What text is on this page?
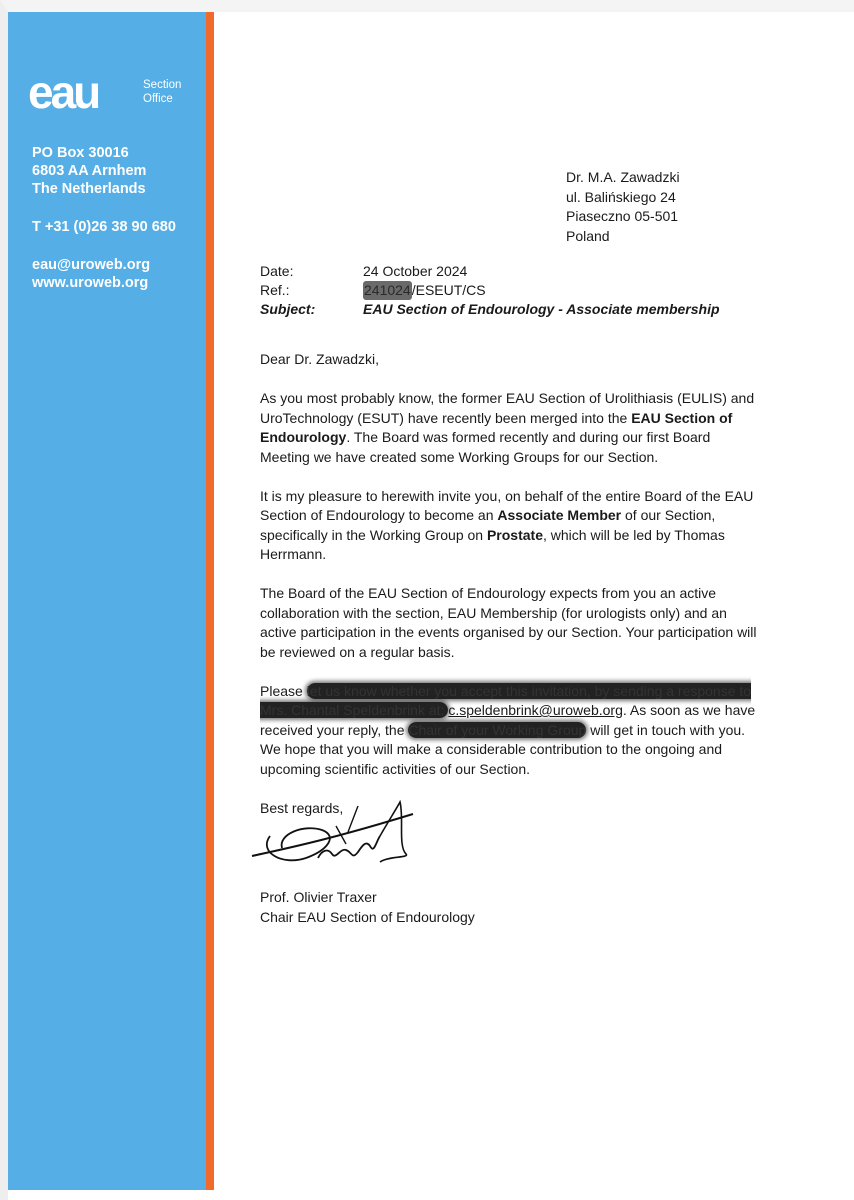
eau	Section
Office
PO Box 30016
6803 AA Arnhem
The Netherlands
T +31 (0)26 38 90 680
eau@uroweb.org
www.uroweb.org
Dr. M.A. Zawadzki
ul. Balińskiego 24
Piaseczno 05-501
Poland
Date:	24 October 2024
Ref.:	241024/ESEUT/CS
Subject:	EAU Section of Endourology - Associate membership

Dear Dr. Zawadzki,

As you most probably know, the former EAU Section of Urolithiasis (EULIS) and UroTechnology (ESUT) have recently been merged into the EAU Section of Endourology. The Board was formed recently and during our first Board Meeting we have created some Working Groups for our Section.

It is my pleasure to herewith invite you, on behalf of the entire Board of the EAU Section of Endourology to become an Associate Member of our Section, specifically in the Working Group on Prostate, which will be led by Thomas Herrmann.

The Board of the EAU Section of Endourology expects from you an active collaboration with the section, EAU Membership (for urologists only) and an active participation in the events organised by our Section. Your participation will be reviewed on a regular basis.

Please let us know whether you accept this invitation, by sending a response to Mrs. Chantal Speldenbrink at: c.speldenbrink@uroweb.org. As soon as we have received your reply, the Chair of your Working Group will get in touch with you. We hope that you will make a considerable contribution to the ongoing and upcoming scientific activities of our Section.

Best regards,

Prof. Olivier Traxer
Chair EAU Section of Endourology
